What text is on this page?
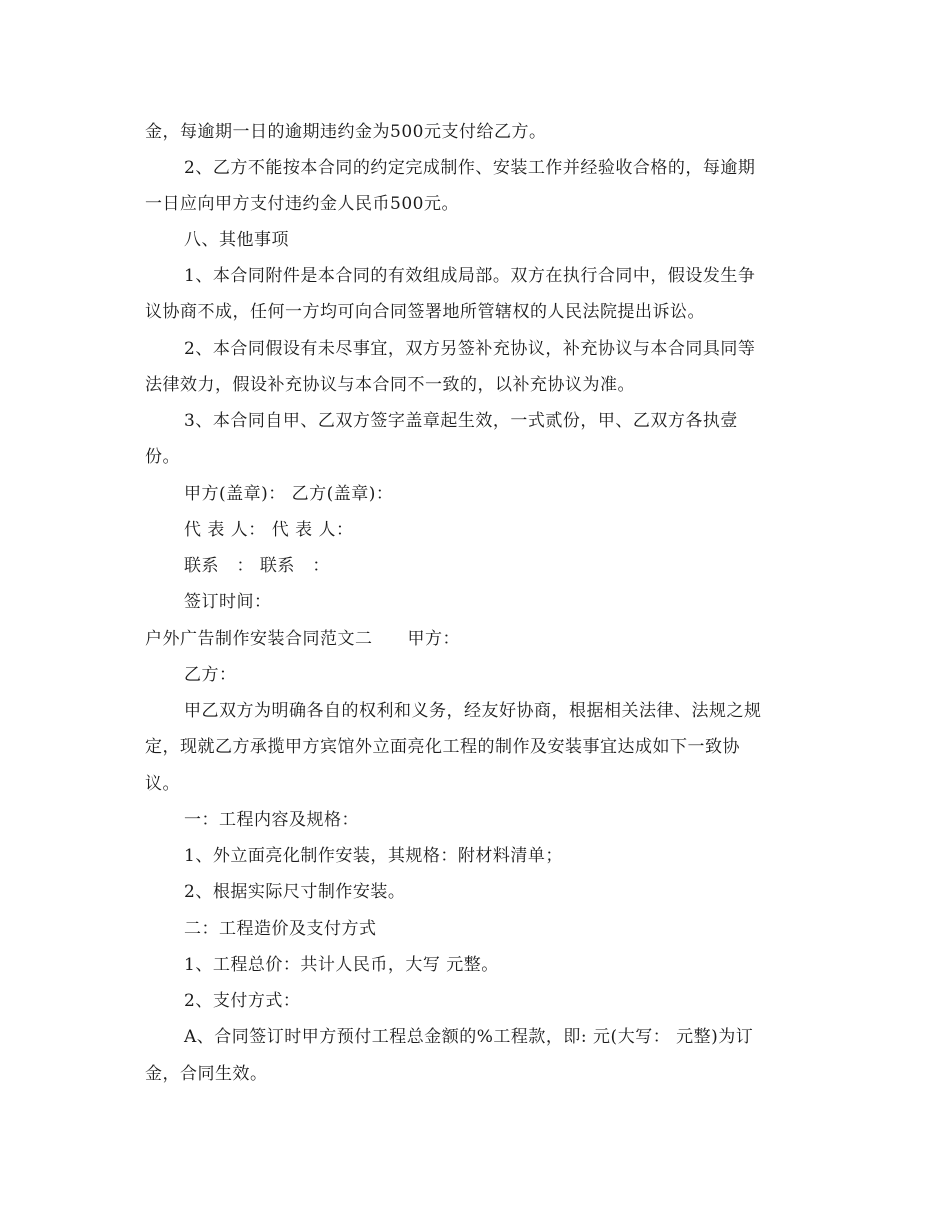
金，每逾期一日的逾期违约金为500元支付给乙方。
2、乙方不能按本合同的约定完成制作、安装工作并经验收合格的，每逾期
一日应向甲方支付违约金人民币500元。
八、其他事项
1、本合同附件是本合同的有效组成局部。双方在执行合同中，假设发生争
议协商不成，任何一方均可向合同签署地所管辖权的人民法院提出诉讼。
2、本合同假设有未尽事宜，双方另签补充协议，补充协议与本合同具同等
法律效力，假设补充协议与本合同不一致的，以补充协议为准。
3、本合同自甲、乙双方签字盖章起生效，一式贰份，甲、乙双方各执壹
份。
甲方(盖章)： 乙方(盖章)：
代 表 人： 代 表 人：
联系　： 联系　：
签订时间：
户外广告制作安装合同范文二　　甲方：
乙方：
甲乙双方为明确各自的权利和义务，经友好协商，根据相关法律、法规之规
定，现就乙方承揽甲方宾馆外立面亮化工程的制作及安装事宜达成如下一致协
议。
一：工程内容及规格：
1、外立面亮化制作安装，其规格：附材料清单；
2、根据实际尺寸制作安装。
二：工程造价及支付方式
1、工程总价：共计人民币，大写 元整。
2、支付方式：
A、合同签订时甲方预付工程总金额的%工程款，即: 元(大写： 元整)为订
金，合同生效。
